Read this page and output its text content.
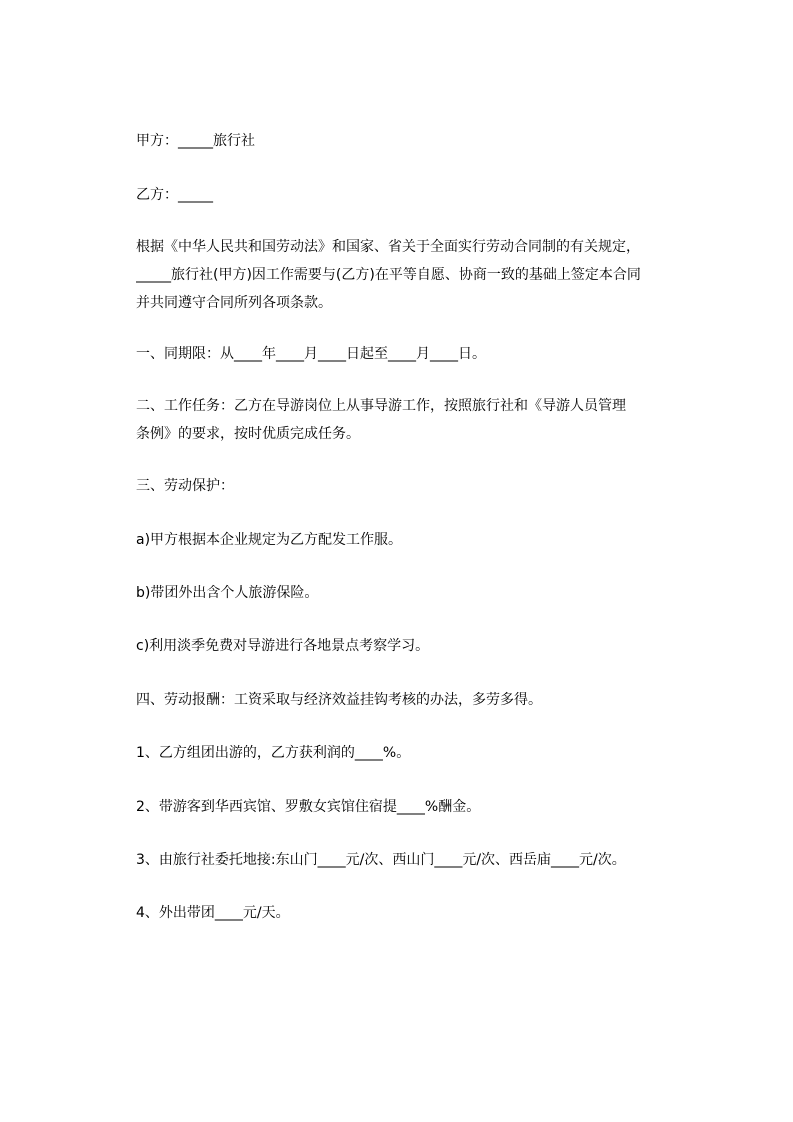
甲方：_____旅行社
乙方：_____
根据《中华人民共和国劳动法》和国家、省关于全面实行劳动合同制的有关规定，
_____旅行社(甲方)因工作需要与(乙方)在平等自愿、协商一致的基础上签定本合同
并共同遵守合同所列各项条款。
一、同期限：从____年____月____日起至____月____日。
二、工作任务：乙方在导游岗位上从事导游工作，按照旅行社和《导游人员管理
条例》的要求，按时优质完成任务。
三、劳动保护：
a)甲方根据本企业规定为乙方配发工作服。
b)带团外出含个人旅游保险。
c)利用淡季免费对导游进行各地景点考察学习。
四、劳动报酬：工资采取与经济效益挂钩考核的办法，多劳多得。
1、乙方组团出游的，乙方获利润的____%。
2、带游客到华西宾馆、罗敷女宾馆住宿提____%酬金。
3、由旅行社委托地接:东山门____元/次、西山门____元/次、西岳庙____元/次。
4、外出带团____元/天。
